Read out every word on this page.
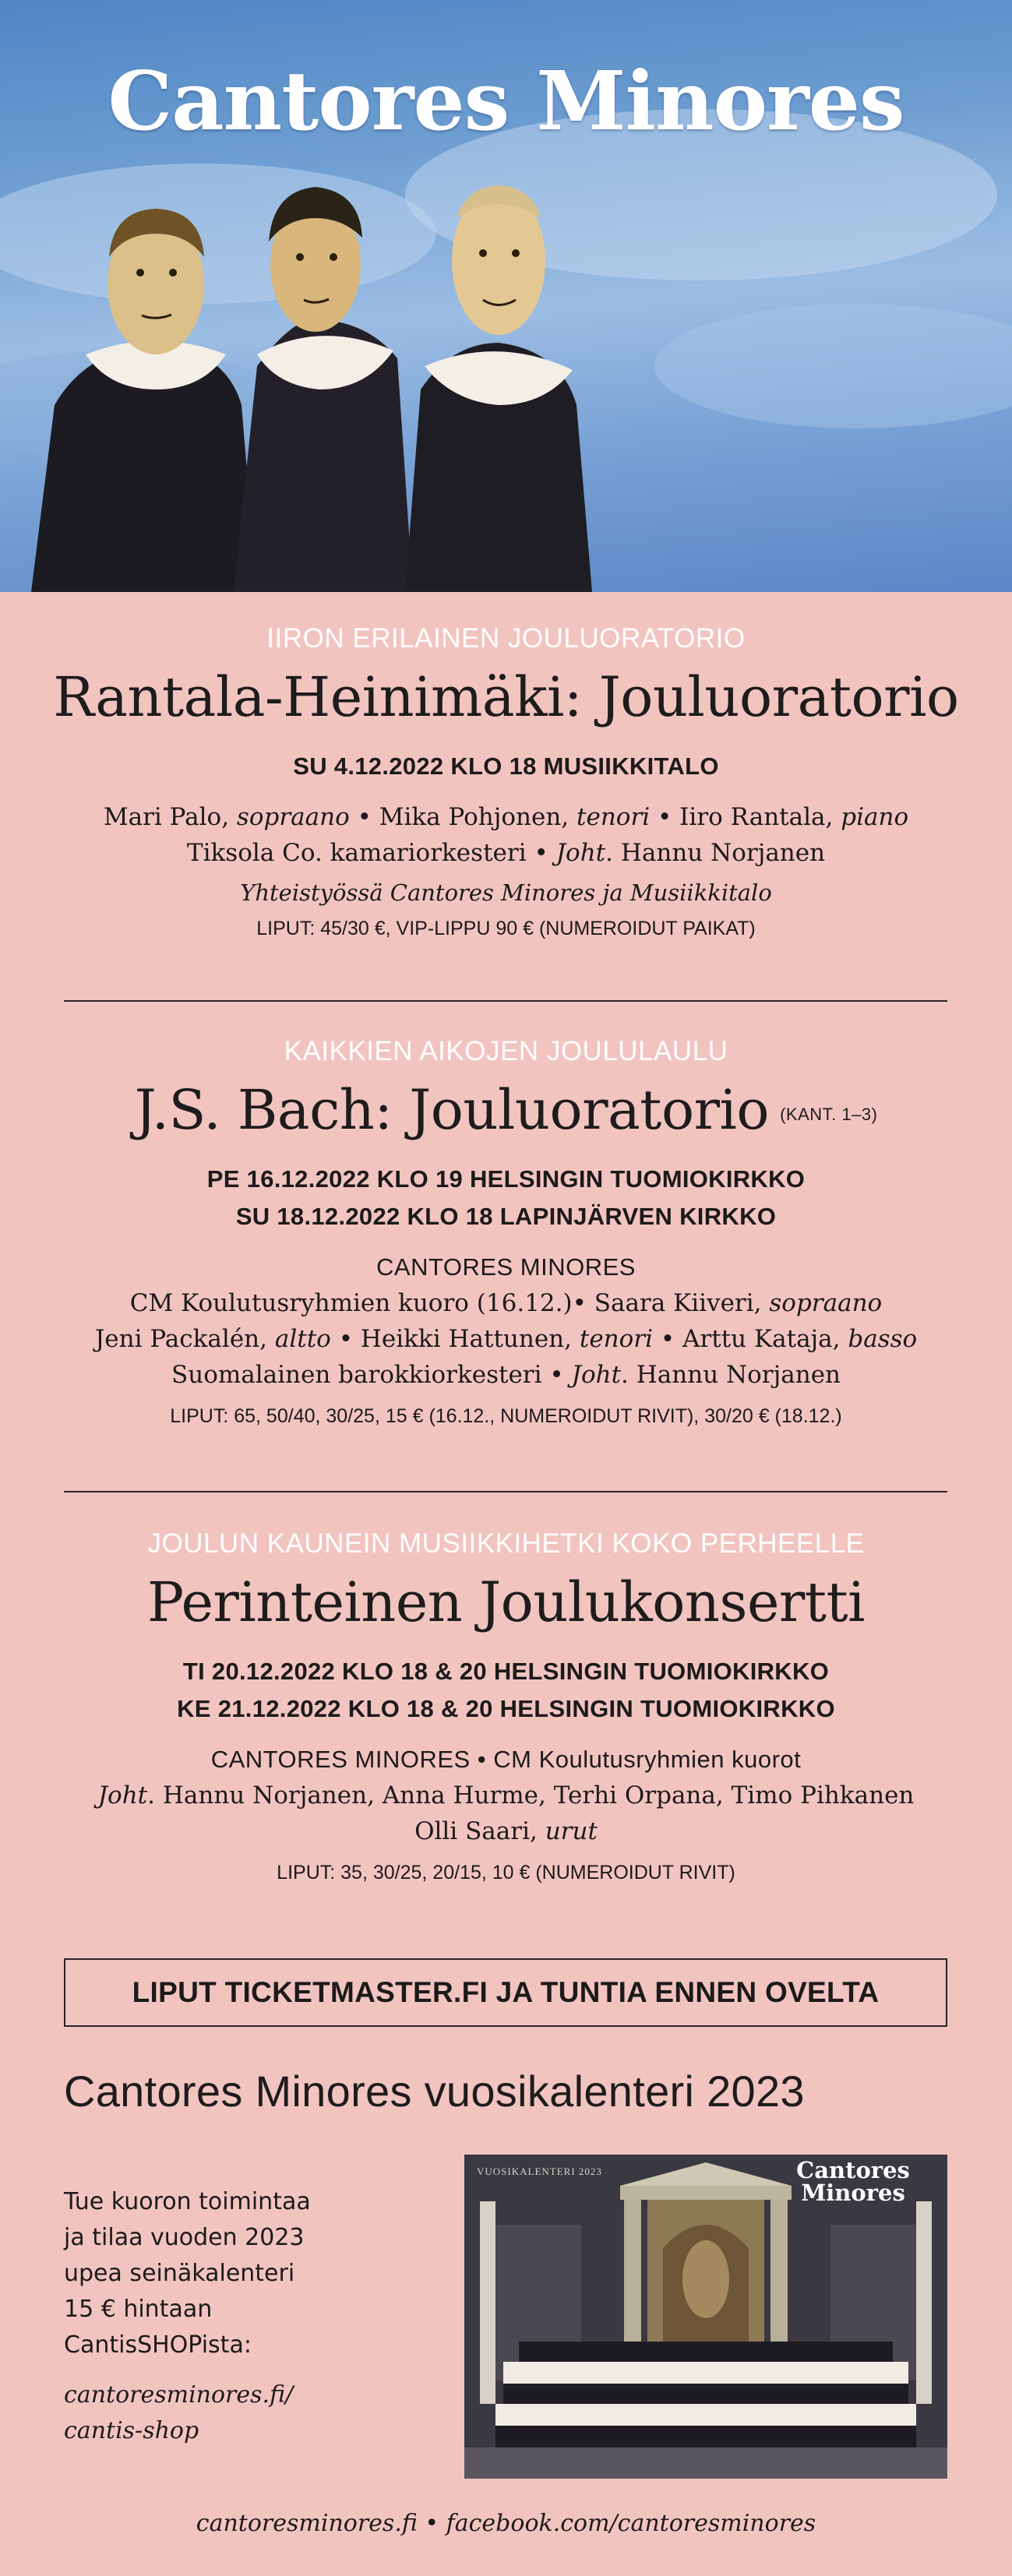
Cantores Minores
IIRON ERILAINEN JOULUORATORIO
Rantala-Heinimäki: Jouluoratorio
SU 4.12.2022 KLO 18 MUSIIKKITALO
Mari Palo, sopraano • Mika Pohjonen, tenori • Iiro Rantala, piano
Tiksola Co. kamariorkesteri • Joht. Hannu Norjanen
Yhteistyössä Cantores Minores ja Musiikkitalo
LIPUT: 45/30 €, VIP-LIPPU 90 € (NUMEROIDUT PAIKAT)
KAIKKIEN AIKOJEN JOULULAULU
J.S. Bach: Jouluoratorio (KANT. 1–3)
PE 16.12.2022 KLO 19 HELSINGIN TUOMIOKIRKKO
SU 18.12.2022 KLO 18 LAPINJÄRVEN KIRKKO
CANTORES MINORES
CM Koulutusryhmien kuoro (16.12.)• Saara Kiiveri, sopraano
Jeni Packalén, altto • Heikki Hattunen, tenori • Arttu Kataja, basso
Suomalainen barokkiorkesteri • Joht. Hannu Norjanen
LIPUT: 65, 50/40, 30/25, 15 € (16.12., NUMEROIDUT RIVIT), 30/20 € (18.12.)
JOULUN KAUNEIN MUSIIKKIHETKI KOKO PERHEELLE
Perinteinen Joulukonsertti
TI 20.12.2022 KLO 18 & 20 HELSINGIN TUOMIOKIRKKO
KE 21.12.2022 KLO 18 & 20 HELSINGIN TUOMIOKIRKKO
CANTORES MINORES • CM Koulutusryhmien kuorot
Joht. Hannu Norjanen, Anna Hurme, Terhi Orpana, Timo Pihkanen
Olli Saari, urut
LIPUT: 35, 30/25, 20/15, 10 € (NUMEROIDUT RIVIT)
LIPUT TICKETMASTER.FI JA TUNTIA ENNEN OVELTA
Cantores Minores vuosikalenteri 2023
Tue kuoron toimintaa
ja tilaa vuoden 2023
upea seinäkalenteri
15 € hintaan
CantisSHOPista:
cantoresminores.fi/
cantis-shop
VUOSIKALENTERI 2023	Cantores
Minores
cantoresminores.fi • facebook.com/cantoresminores
